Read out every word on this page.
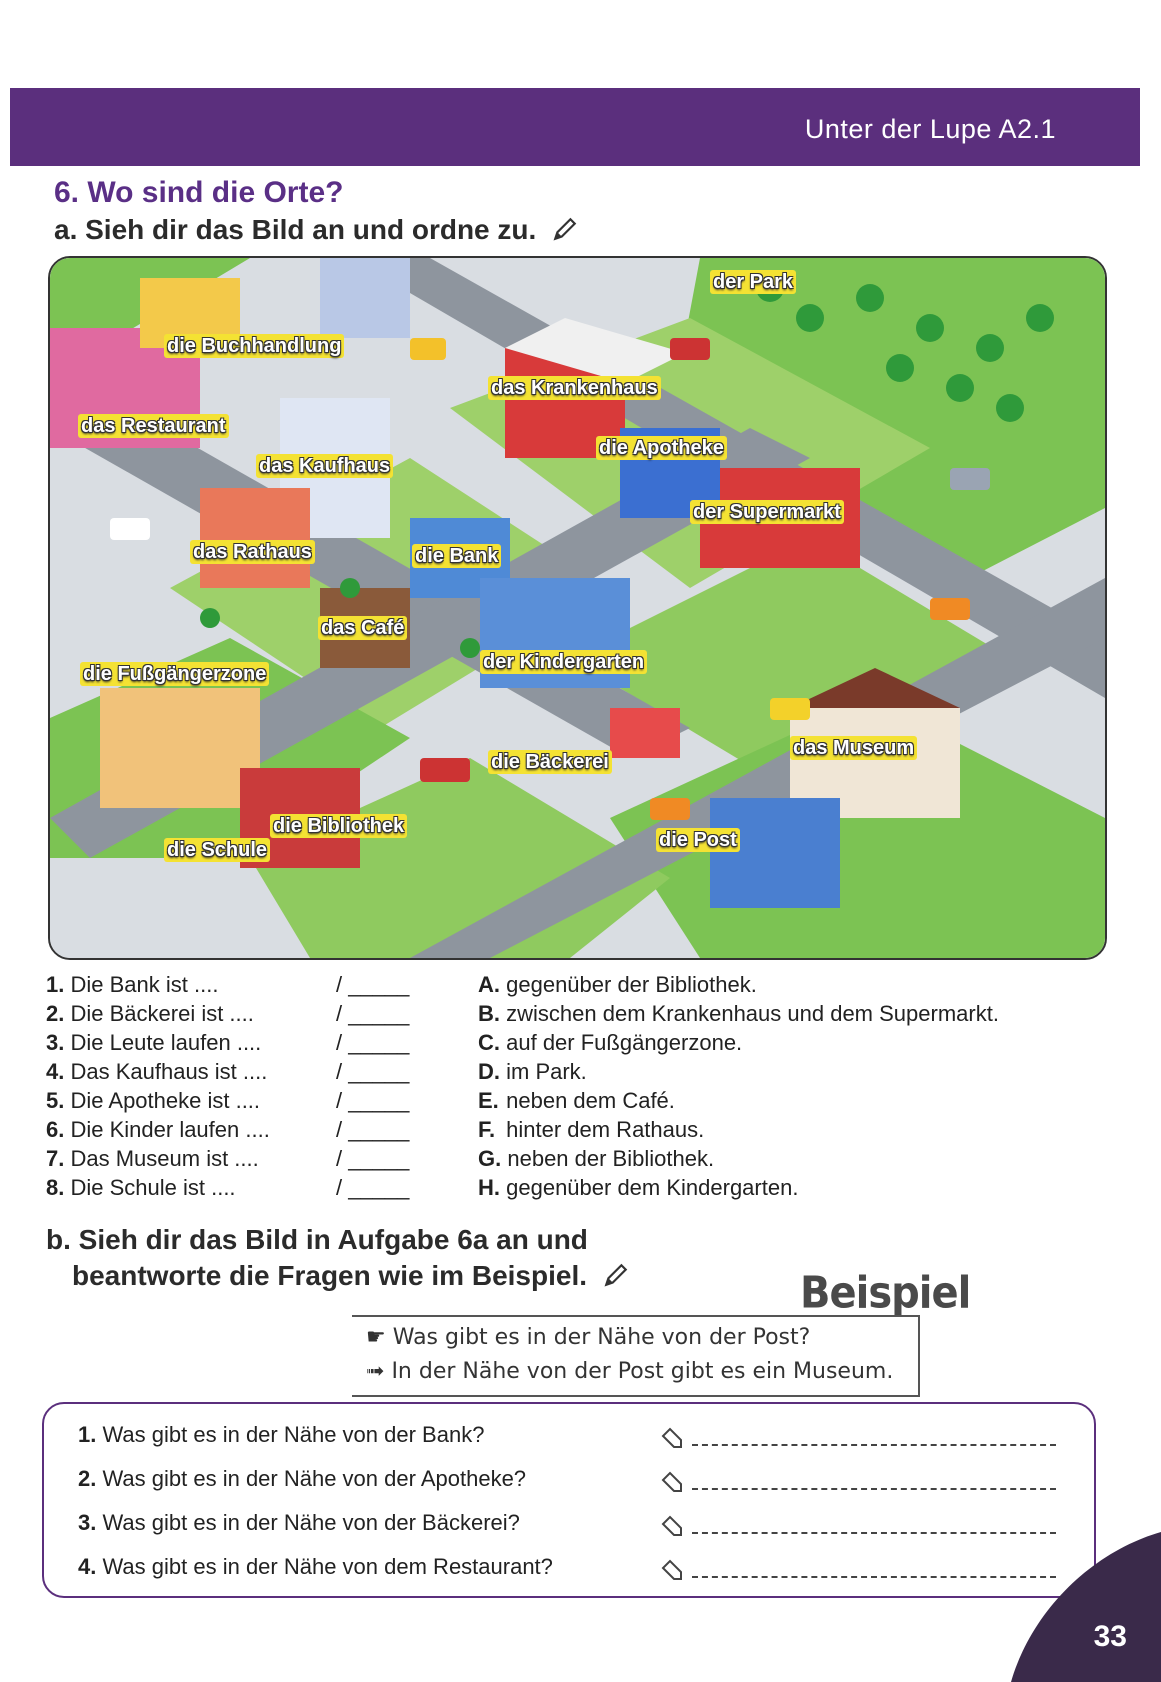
Unter der Lupe A2.1
6. Wo sind die Orte?
a. Sieh dir das Bild an und ordne zu.
der Park
die Buchhandlung
das Krankenhaus
das Restaurant
die Apotheke
das Kaufhaus
der Supermarkt
das Rathaus	die Bank
das Café
der Kindergarten
die Fußgängerzone
das Museum
die Bäckerei
die Bibliothek
die Post
die Schule
1. Die Bank ist ....
2. Die Bäckerei ist ....
3. Die Leute laufen ....
4. Das Kaufhaus ist ....
5. Die Apotheke ist ....
6. Die Kinder laufen ....
7. Das Museum ist ....
8. Die Schule ist ....
/ _____
/ _____
/ _____
/ _____
/ _____
/ _____
/ _____
/ _____
A. gegenüber der Bibliothek.
B. zwischen dem Krankenhaus und dem Supermarkt.
C. auf der Fußgängerzone.
D. im Park.
E. neben dem Café.
F. hinter dem Rathaus.
G. neben der Bibliothek.
H. gegenüber dem Kindergarten.
b. Sieh dir das Bild in Aufgabe 6a an und
beantworte die Fragen wie im Beispiel.	Beispiel
☛ Was gibt es in der Nähe von der Post?
➟ In der Nähe von der Post gibt es ein Museum.
1. Was gibt es in der Nähe von der Bank?
2. Was gibt es in der Nähe von der Apotheke?
3. Was gibt es in der Nähe von der Bäckerei?
4. Was gibt es in der Nähe von dem Restaurant?
33
